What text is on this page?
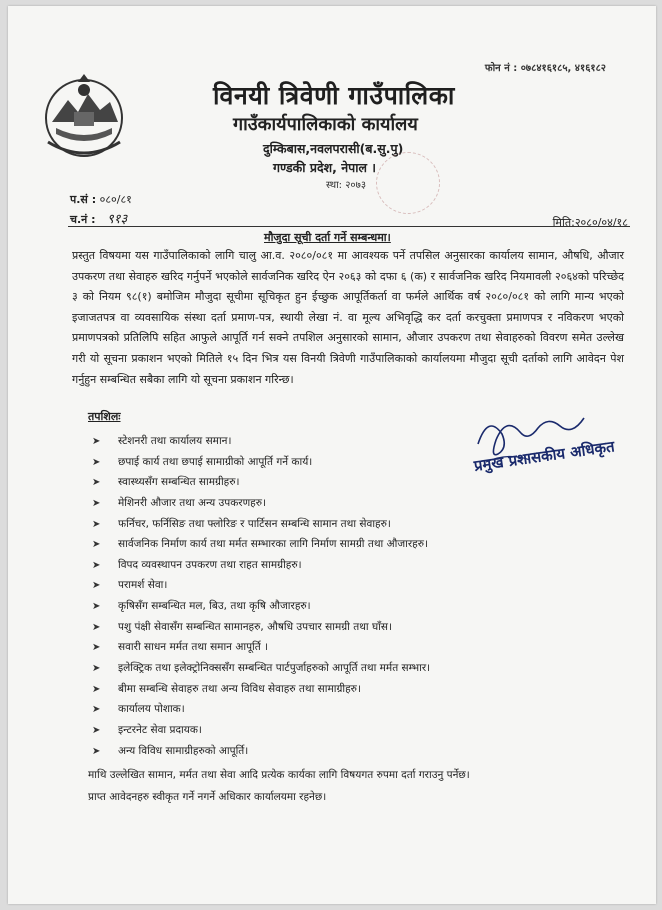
फोन नं : ०७८४१६१८५, ४१६१८२
विनयी त्रिवेणी गाउँपालिका
गाउँकार्यपालिकाको कार्यालय
दुम्किबास,नवलपरासी(ब.सु.पु)
गण्डकी प्रदेश, नेपाल ।
स्था: २०७३
प.सं : ०८०/८१
च.नं : ९१३	मिति:२०८०/०४/१८
मौजुदा सूची दर्ता गर्ने सम्बन्धमा।
प्रस्तुत विषयमा यस गाउँपालिकाको लागि चालु आ.व. २०८०/०८१ मा आवश्यक पर्ने तपसिल अनुसारका कार्यालय सामान, औषधि, औजार उपकरण तथा सेवाहरु खरिद गर्नुपर्ने भएकोले सार्वजनिक खरिद ऐन २०६३ को दफा ६ (क) र सार्वजनिक खरिद नियमावली २०६४को परिच्छेद ३ को नियम ९८(१) बमोजिम मौजुदा सूचीमा सूचिकृत हुन ईच्छुक आपूर्तिकर्ता वा फर्मले आर्थिक वर्ष २०८०/०८१ को लागि मान्य भएको इजाजतपत्र वा व्यवसायिक संस्था दर्ता प्रमाण-पत्र, स्थायी लेखा नं. वा मूल्य अभिवृद्धि कर दर्ता करचुक्ता प्रमाणपत्र र नविकरण भएको प्रमाणपत्रको प्रतिलिपि सहित आफुले आपूर्ति गर्न सक्ने तपशिल अनुसारको सामान, औजार उपकरण तथा सेवाहरुको विवरण समेत उल्लेख गरी यो सूचना प्रकाशन भएको मितिले १५ दिन भित्र यस विनयी त्रिवेणी गाउँपालिकाको कार्यालयमा मौजुदा सूची दर्ताको लागि आवेदन पेश गर्नुहुन सम्बन्धित सबैका लागि यो सूचना प्रकाशन गरिन्छ।
तपशिलः
➤ स्टेशनरी तथा कार्यालय समान।
➤ छपाई कार्य तथा छपाई सामाग्रीको आपूर्ति गर्ने कार्य।
➤ स्वास्थ्यसँग सम्बन्धित सामग्रीहरु।
➤ मेशिनरी औजार तथा अन्य उपकरणहरु।
➤ फर्निचर, फर्निसिङ तथा फ्लोरिङ र पार्टिसन सम्बन्धि सामान तथा सेवाहरु।
➤ सार्वजनिक निर्माण कार्य तथा मर्मत सम्भारका लागि निर्माण सामग्री तथा औजारहरु।
➤ विपद व्यवस्थापन उपकरण तथा राहत सामग्रीहरु।
➤ परामर्श सेवा।
➤ कृषिसँग सम्बन्धित मल, बिउ, तथा कृषि औजारहरु।
➤ पशु पंक्षी सेवासँग सम्बन्धित सामानहरु, औषधि उपचार सामग्री तथा घाँस।
➤ सवारी साधन मर्मत तथा समान आपूर्ति ।
➤ इलेक्ट्रिक तथा इलेक्ट्रोनिक्ससँग सम्बन्धित पार्टपुर्जाहरुको आपूर्ति तथा मर्मत सम्भार।
➤ बीमा सम्बन्धि सेवाहरु तथा अन्य विविध सेवाहरु तथा सामाग्रीहरु।
➤ कार्यालय पोशाक।
➤ इन्टरनेट सेवा प्रदायक।
➤ अन्य विविध सामाग्रीहरुको आपूर्ति।
माथि उल्लेखित सामान, मर्मत तथा सेवा आदि प्रत्येक कार्यका लागि विषयगत रुपमा दर्ता गराउनु पर्नेछ।
प्राप्त आवेदनहरु स्वीकृत गर्ने नगर्ने अधिकार कार्यालयमा रहनेछ।
प्रमुख प्रशासकीय अधिकृत
